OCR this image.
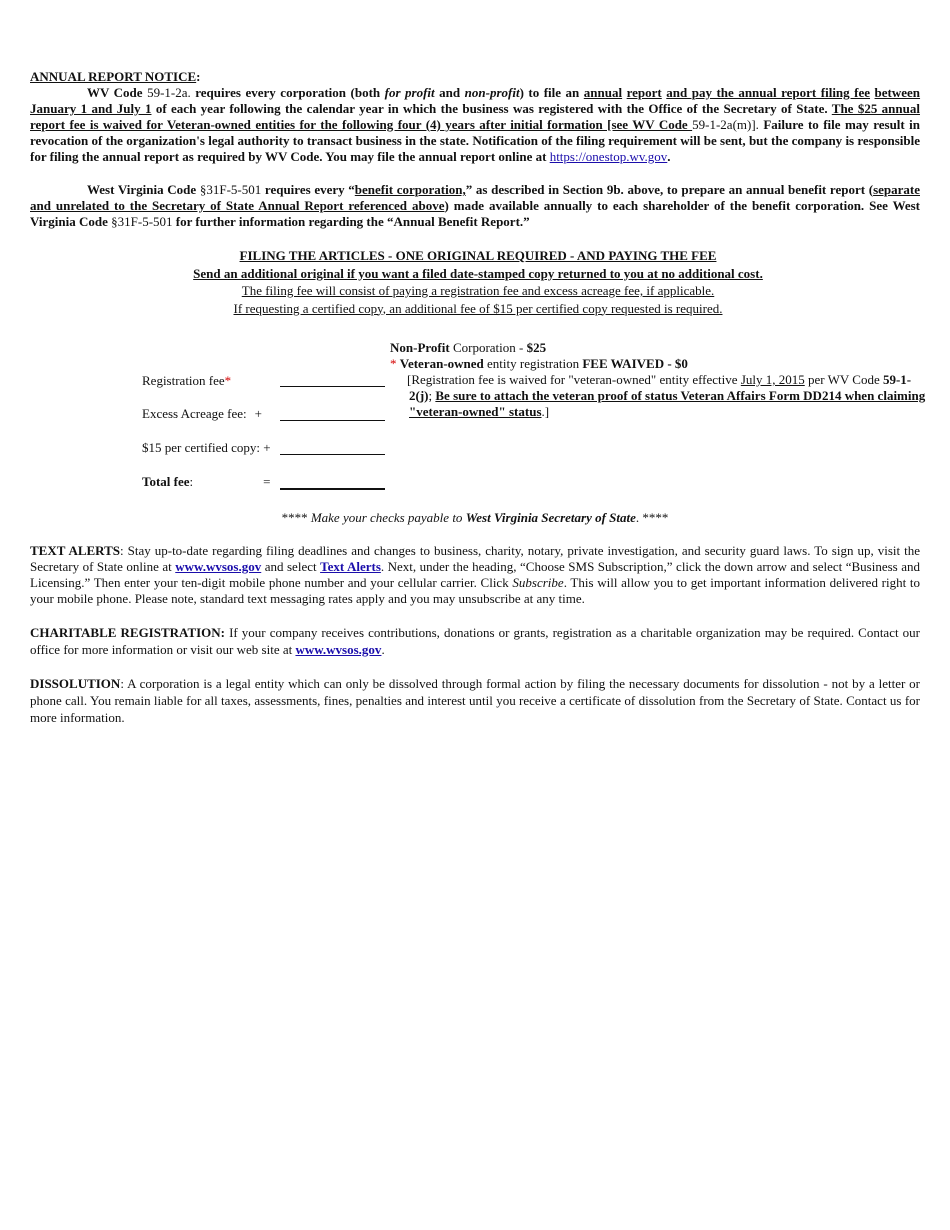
ANNUAL REPORT NOTICE:

WV Code 59-1-2a. requires every corporation (both for profit and non-profit) to file an annual report and pay the annual report filing fee between January 1 and July 1 of each year following the calendar year in which the business was registered with the Office of the Secretary of State. The $25 annual report fee is waived for Veteran-owned entities for the following four (4) years after initial formation [see WV Code 59-1-2a(m)]. Failure to file may result in revocation of the organization's legal authority to transact business in the state. Notification of the filing requirement will be sent, but the company is responsible for filing the annual report as required by WV Code. You may file the annual report online at https://onestop.wv.gov.

West Virginia Code §31F-5-501 requires every “benefit corporation,” as described in Section 9b. above, to prepare an annual benefit report (separate and unrelated to the Secretary of State Annual Report referenced above) made available annually to each shareholder of the benefit corporation. See West Virginia Code §31F-5-501 for further information regarding the “Annual Benefit Report.”

FILING THE ARTICLES - ONE ORIGINAL REQUIRED - AND PAYING THE FEE
Send an additional original if you want a filed date-stamped copy returned to you at no additional cost.
The filing fee will consist of paying a registration fee and excess acreage fee, if applicable.
If requesting a certified copy, an additional fee of $15 per certified copy requested is required.
Non-Profit Corporation - $25
* Veteran-owned entity registration FEE WAIVED - $0
[Registration fee is waived for "veteran-owned" entity effective July 1, 2015 per WV Code 59-1-2(j); Be sure to attach the veteran proof of status Veteran Affairs Form DD214 when claiming "veteran-owned" status.]
Registration fee*
Excess Acreage fee: +
$15 per certified copy: +
Total fee:	=
**** Make your checks payable to West Virginia Secretary of State. ****

TEXT ALERTS: Stay up-to-date regarding filing deadlines and changes to business, charity, notary, private investigation, and security guard laws. To sign up, visit the Secretary of State online at www.wvsos.gov and select Text Alerts. Next, under the heading, “Choose SMS Subscription,” click the down arrow and select “Business and Licensing.” Then enter your ten-digit mobile phone number and your cellular carrier. Click Subscribe. This will allow you to get important information delivered right to your mobile phone. Please note, standard text messaging rates apply and you may unsubscribe at any time.

CHARITABLE REGISTRATION: If your company receives contributions, donations or grants, registration as a charitable organization may be required. Contact our office for more information or visit our web site at www.wvsos.gov.

DISSOLUTION: A corporation is a legal entity which can only be dissolved through formal action by filing the necessary documents for dissolution - not by a letter or phone call. You remain liable for all taxes, assessments, fines, penalties and interest until you receive a certificate of dissolution from the Secretary of State. Contact us for more information.
